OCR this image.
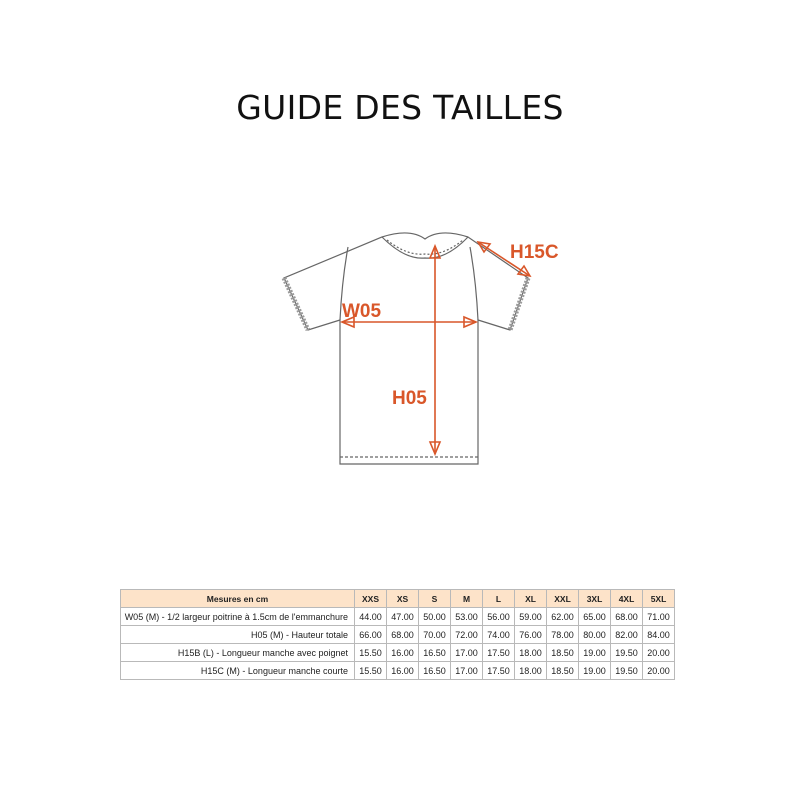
GUIDE DES TAILLES
W05
H05
H15C
Mesures en cm	XXS	XS	S	M	L	XL	XXL	3XL	4XL	5XL
W05 (M) - 1/2 largeur poitrine à 1.5cm de l'emmanchure	44.00	47.00	50.00	53.00	56.00	59.00	62.00	65.00	68.00	71.00
H05 (M) - Hauteur totale	66.00	68.00	70.00	72.00	74.00	76.00	78.00	80.00	82.00	84.00
H15B (L) - Longueur manche avec poignet	15.50	16.00	16.50	17.00	17.50	18.00	18.50	19.00	19.50	20.00
H15C (M) - Longueur manche courte	15.50	16.00	16.50	17.00	17.50	18.00	18.50	19.00	19.50	20.00
